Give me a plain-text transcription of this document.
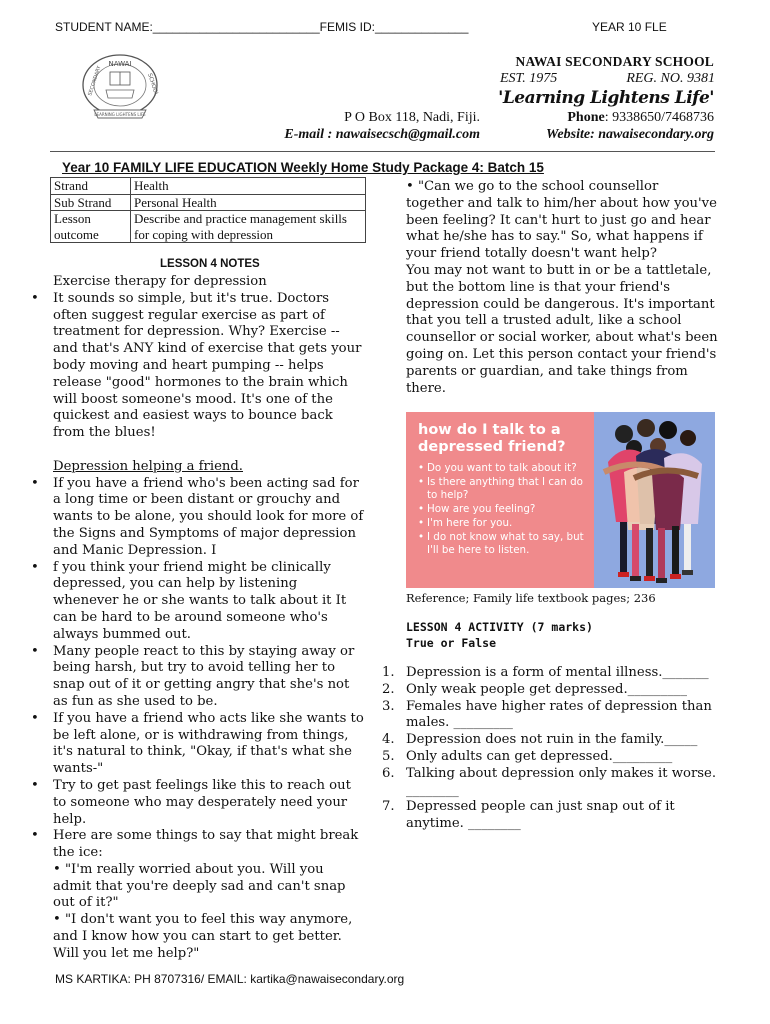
STUDENT NAME:_________________________FEMIS ID:______________	YEAR 10 FLE
NAWAI
SECONDARY	SCHOOL
LEARNING LIGHTENS LIFE
NAWAI SECONDARY SCHOOL
EST. 1975	REG. NO. 9381
'Learning Lightens Life'
P O Box 118, Nadi, Fiji.	Phone: 9338650/7468736
E-mail : nawaisecsch@gmail.com	Website: nawaisecondary.org
Year 10 FAMILY LIFE EDUCATION Weekly Home Study Package 4: Batch 15
Strand	Health
Sub Strand	Personal Health
Lesson outcome	Describe and practice management skills for coping with depression
LESSON 4 NOTES

Exercise therapy for depression

• It sounds so simple, but it's true. Doctors often suggest regular exercise as part of treatment for depression. Why? Exercise -- and that's ANY kind of exercise that gets your body moving and heart pumping -- helps release "good" hormones to the brain which will boost someone's mood. It's one of the quickest and easiest ways to bounce back from the blues!

Depression helping a friend.

• If you have a friend who's been acting sad for a long time or been distant or grouchy and wants to be alone, you should look for more of the Signs and Symptoms of major depression and Manic Depression. I

• f you think your friend might be clinically depressed, you can help by listening whenever he or she wants to talk about it It can be hard to be around someone who's always bummed out.

• Many people react to this by staying away or being harsh, but try to avoid telling her to snap out of it or getting angry that she's not as fun as she used to be.

• If you have a friend who acts like she wants to be left alone, or is withdrawing from things, it's natural to think, "Okay, if that's what she wants-"

• Try to get past feelings like this to reach out to someone who may desperately need your help.

• Here are some things to say that might break the ice:

• "I'm really worried about you. Will you admit that you're deeply sad and can't snap out of it?"

• "I don't want you to feel this way anymore, and I know how you can start to get better. Will you let me help?"

• "Can we go to the school counsellor together and talk to him/her about how you've been feeling? It can't hurt to just go and hear what he/she has to say." So, what happens if your friend totally doesn't want help?

You may not want to butt in or be a tattletale, but the bottom line is that your friend's depression could be dangerous. It's important that you tell a trusted adult, like a school counsellor or social worker, about what's been going on. Let this person contact your friend's parents or guardian, and take things from there.

how do I talk to a depressed friend?
• Do you want to talk about it?
• Is there anything that I can do to help?
• How are you feeling?
• I'm here for you.
• I do not know what to say, but I'll be here to listen.
Reference; Family life textbook pages; 236
LESSON 4 ACTIVITY (7 marks)
True or False
1. Depression is a form of mental illness._______
2. Only weak people get depressed._________
3. Females have higher rates of depression than males. _________
4. Depression does not ruin in the family._____
5. Only adults can get depressed._________
6. Talking about depression only makes it worse. ________
7. Depressed people can just snap out of it anytime. ________
MS KARTIKA: PH 8707316/ EMAIL: kartika@nawaisecondary.org
